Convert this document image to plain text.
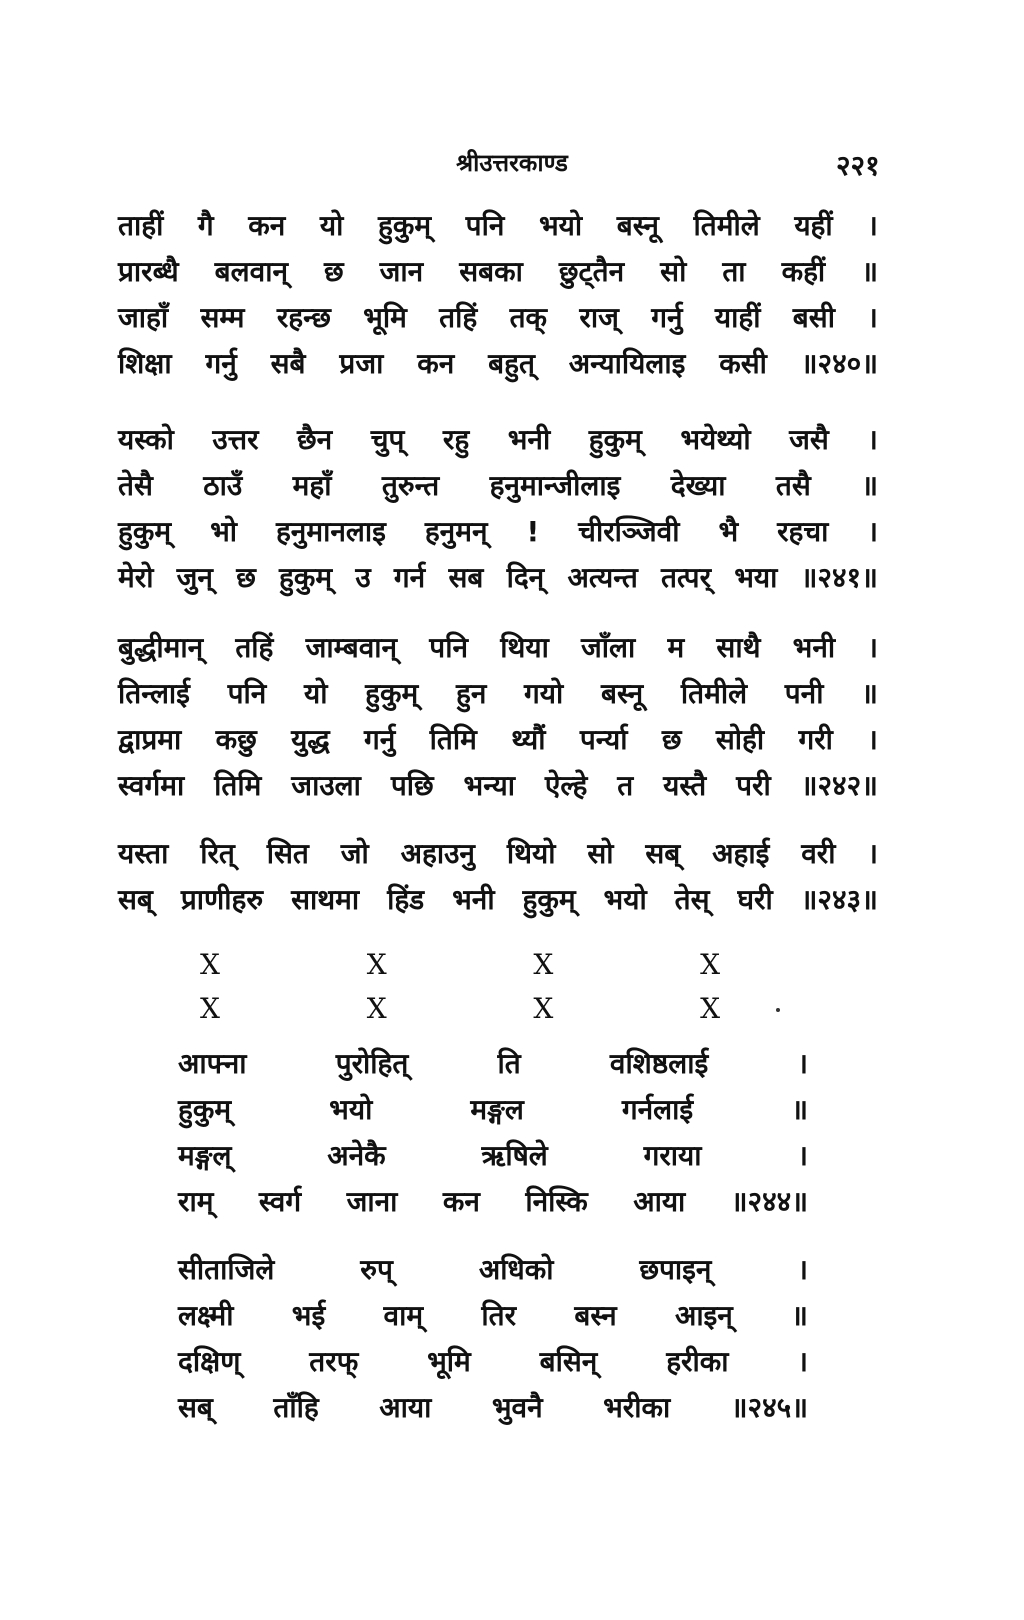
श्रीउत्तरकाण्ड	२२१
ताहीं गै कन यो हुकुम् पनि भयो बस्नू तिमीले यहीं ।
प्रारब्धै बलवान् छ जान सबका छुट्‌तैन सो ता कहीं ॥
जाहाँ सम्म रहन्छ भूमि तहिं तक् राज् गर्नु याहीं बसी ।
शिक्षा गर्नु सबै प्रजा कन बहुत् अन्यायिलाइ कसी ॥२४०॥
यस्को उत्तर छैन चुप् रहु भनी हुकुम् भयेथ्यो जसै ।
तेसै ठाउँ महाँ तुरुन्त हनुमान्जीलाइ देख्या तसै ॥
हुकुम् भो हनुमानलाइ हनुमन् ! चीरञ्जिवी भै रहचा ।
मेरो जुन् छ हुकुम् उ गर्न सब दिन् अत्यन्त तत्पर् भया ॥२४१॥
बुद्धीमान् तहिं जाम्बवान् पनि थिया जाँला म साथै भनी ।
तिन्लाई पनि यो हुकुम् हुन गयो बस्नू तिमीले पनी ॥
द्वाप्रमा कछु युद्ध गर्नु तिमि थ्यौं पर्न्या छ सोही गरी ।
स्वर्गमा तिमि जाउला पछि भन्या ऐल्हे त यस्तै परी ॥२४२॥
यस्ता रित् सित जो अहाउनु थियो सो सब् अहाई वरी ।
सब् प्राणीहरु साथमा हिंड भनी हुकुम् भयो तेस् घरी ॥२४३॥
X	X	X	X
X	X	X	X
आफ्ना	पुरोहित्	ति	वशिष्ठलाई	।
हुकुम्	भयो	मङ्गल	गर्नलाई	॥
मङ्गल्	अनेकै	ऋषिले	गराया	।
राम् स्वर्ग जाना कन निस्कि आया ॥२४४॥
सीताजिले	रुप्	अधिको	छपाइन्	।
लक्ष्मी भई वाम् तिर बस्न आइन् ॥
दक्षिण् तरफ् भूमि बसिन् हरीका ।
सब् ताँहि आया भुवनै भरीका ॥२४५॥
